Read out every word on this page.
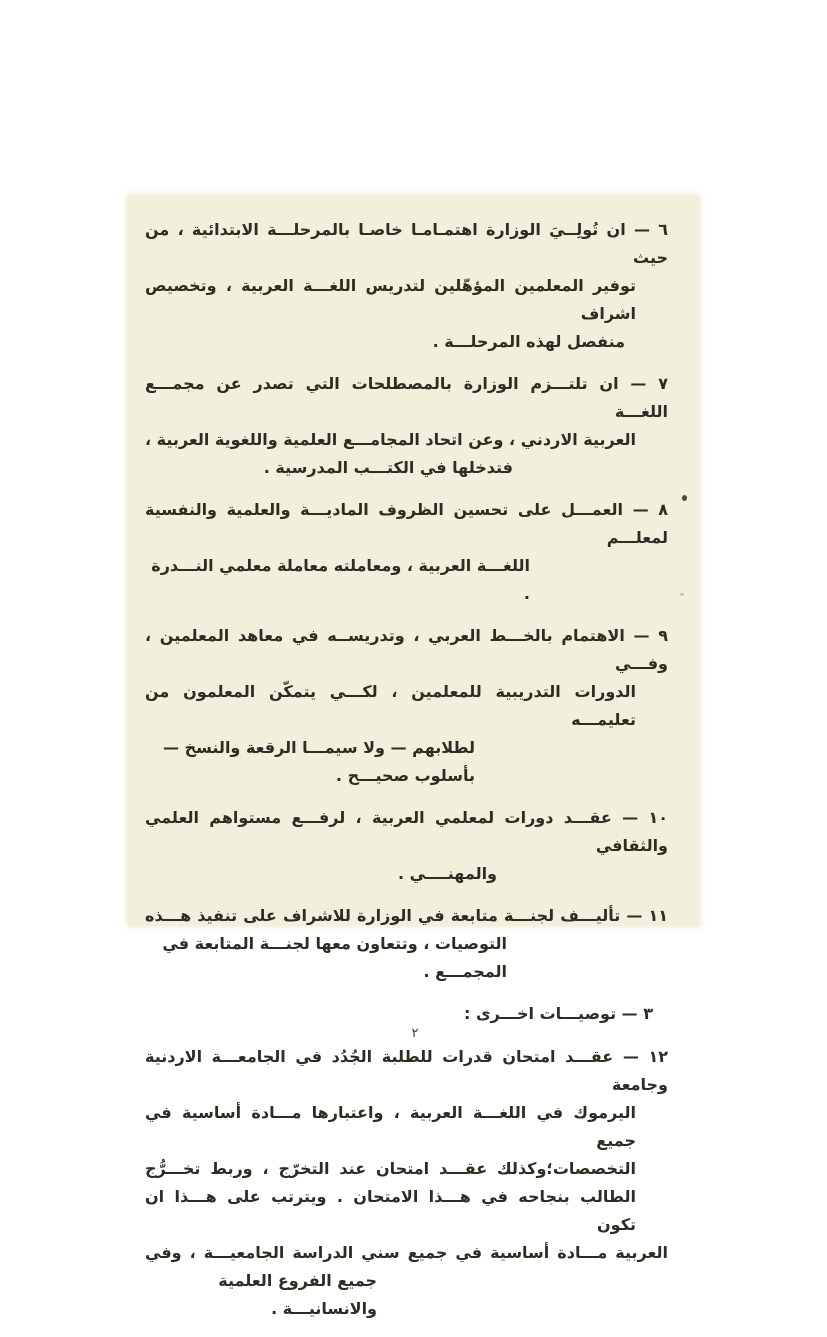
٦ — ان تُولِــيَ الوزارة اهتمـامـا خاصـا بالمرحلـــة الابتدائية ، من حيث
توفير المعلمين المؤهّلين لتدريس اللغـــة العربية ، وتخصيص اشراف
منفصل لهذه المرحلـــة .
٧ — ان تلتـــزم الوزارة بالمصطلحات التي تصدر عن مجمـــع اللغـــة
العربية الاردني ، وعن اتحاد المجامـــع العلمية واللغوية العربية ،
فتدخلها في الكتـــب المدرسية .
٨ — العمـــل على تحسين الظروف الماديـــة والعلمية والنفسية لمعلـــم
اللغـــة العربية ، ومعاملته معاملة معلمي النـــدرة .
٩ — الاهتمام بالخـــط العربي ، وتدريســه في معاهد المعلمين ، وفـــي
الدورات التدريبية للمعلمين ، لكـــي يتمكّن المعلمون من تعليمـــه
لطلابهم — ولا سيمـــا الرقعة والنسخ — بأسلوب صحيـــح .
١٠ — عقـــد دورات لمعلمي العربية ، لرفـــع مستواهم العلمي والثقافي
والمهنــــي .
١١ — تأليـــف لجنـــة متابعة في الوزارة للاشراف على تنفيذ هـــذه
التوصيات ، وتتعاون معها لجنـــة المتابعة في المجمـــع .
٣ — توصيـــات اخـــرى :
١٢ — عقـــد امتحان قدرات للطلبة الجُدُد في الجامعـــة الاردنية وجامعة
اليرموك في اللغـــة العربية ، واعتبارها مـــادة أساسية في جميع
التخصصات؛وكذلك عقـــد امتحان عند التخرّج ، وربط تخـــرُّج
الطالب بنجاحه في هـــذا الامتحان . ويترتب على هـــذا ان تكون
العربية مـــادة أساسية في جميع سني الدراسة الجامعيـــة ، وفي
جميع الفروع العلمية والانسانيـــة .
٢
